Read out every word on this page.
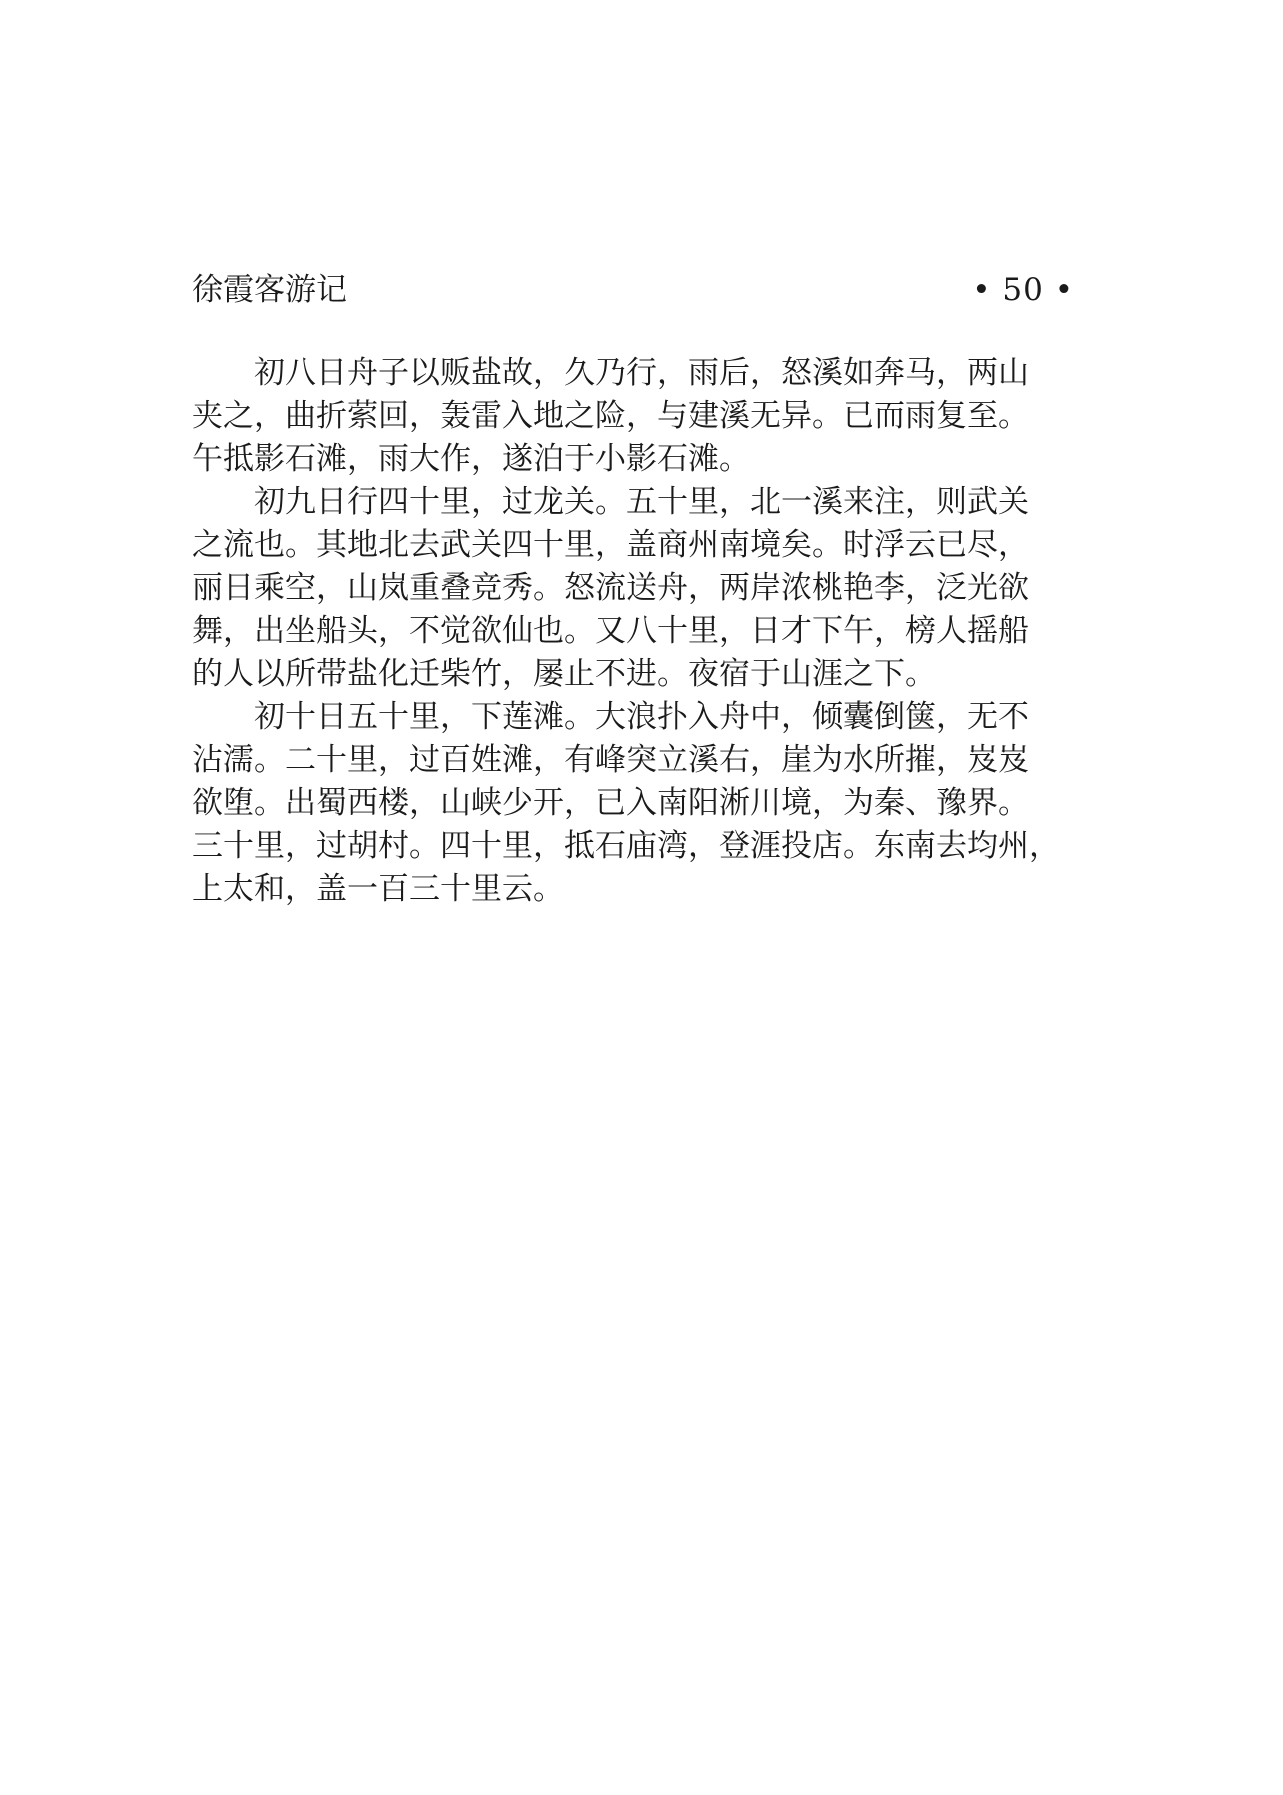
徐霞客游记	• 50 •

初八日舟子以贩盐故，久乃行，雨后，怒溪如奔马，两山
夹之，曲折萦回，轰雷入地之险，与建溪无异。已而雨复至。
午抵影石滩，雨大作，遂泊于小影石滩。

初九日行四十里，过龙关。五十里，北一溪来注，则武关
之流也。其地北去武关四十里，盖商州南境矣。时浮云已尽，
丽日乘空，山岚重叠竞秀。怒流送舟，两岸浓桃艳李，泛光欲
舞，出坐船头，不觉欲仙也。又八十里，日才下午，榜人摇船
的人以所带盐化迁柴竹，屡止不进。夜宿于山涯之下。

初十日五十里，下莲滩。大浪扑入舟中，倾囊倒箧，无不
沾濡。二十里，过百姓滩，有峰突立溪右，崖为水所摧，岌岌
欲堕。出蜀西楼，山峡少开，已入南阳淅川境，为秦、豫界。
三十里，过胡村。四十里，抵石庙湾，登涯投店。东南去均州，
上太和，盖一百三十里云。
